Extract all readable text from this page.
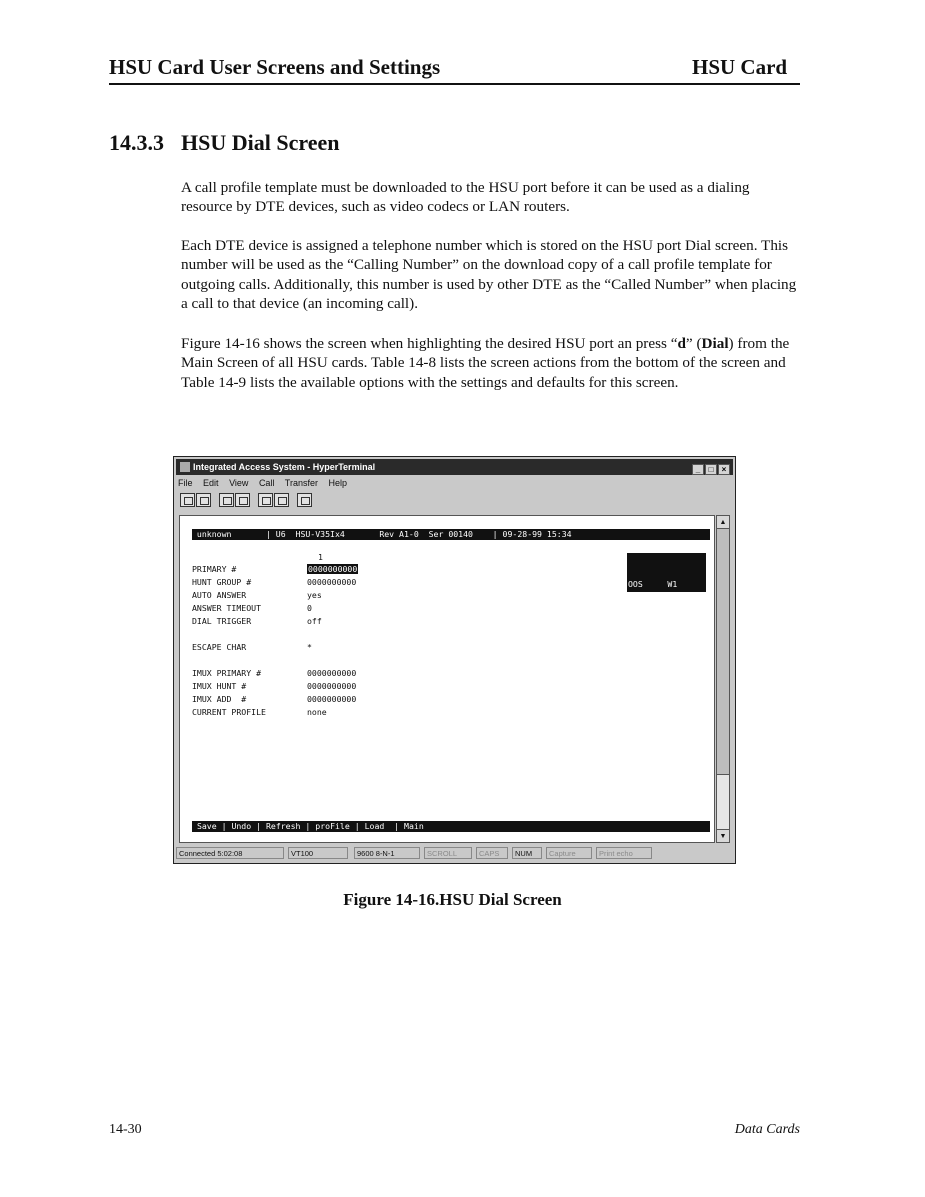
HSU Card User Screens and Settings	HSU Card
14.3.3 HSU Dial Screen
A call profile template must be downloaded to the HSU port before it can be used as a dialing resource by DTE devices, such as video codecs or LAN routers.
Each DTE device is assigned a telephone number which is stored on the HSU port Dial screen. This number will be used as the “Calling Number” on the download copy of a call profile template for outgoing calls. Additionally, this number is used by other DTE as the “Called Number” when placing a call to that device (an incoming call).
Figure 14-16 shows the screen when highlighting the desired HSU port an press “d” (Dial) from the Main Screen of all HSU cards. Table 14-8 lists the screen actions from the bottom of the screen and Table 14-9 lists the available options with the settings and defaults for this screen.
Integrated Access System - HyperTerminal	_ □ ×
File Edit View Call Transfer Help

unknown       | U6  HSU-V35Ix4       Rev A1-0  Ser 00140    | 09-28-99 15:34

1

PRIMARY #

	0000000000

HUNT GROUP #

	0000000000

AUTO ANSWER

	yes

ANSWER TIMEOUT

	0

DIAL TRIGGER

	off

ESCAPE CHAR

	*

IMUX PRIMARY #

	0000000000

IMUX HUNT #

	0000000000

IMUX ADD  #

	0000000000

CURRENT PROFILE

	none

OOS     W1

CGA_RED W2-1

NOS     W2-1

Save | Undo | Refresh | proFile | Load  | Main

▲
▼
Connected 5:02:08	VT100	9600 8-N-1	SCROLL	CAPS	NUM	Capture	Print echo
Figure 14-16.HSU Dial Screen
14-30	Data Cards
